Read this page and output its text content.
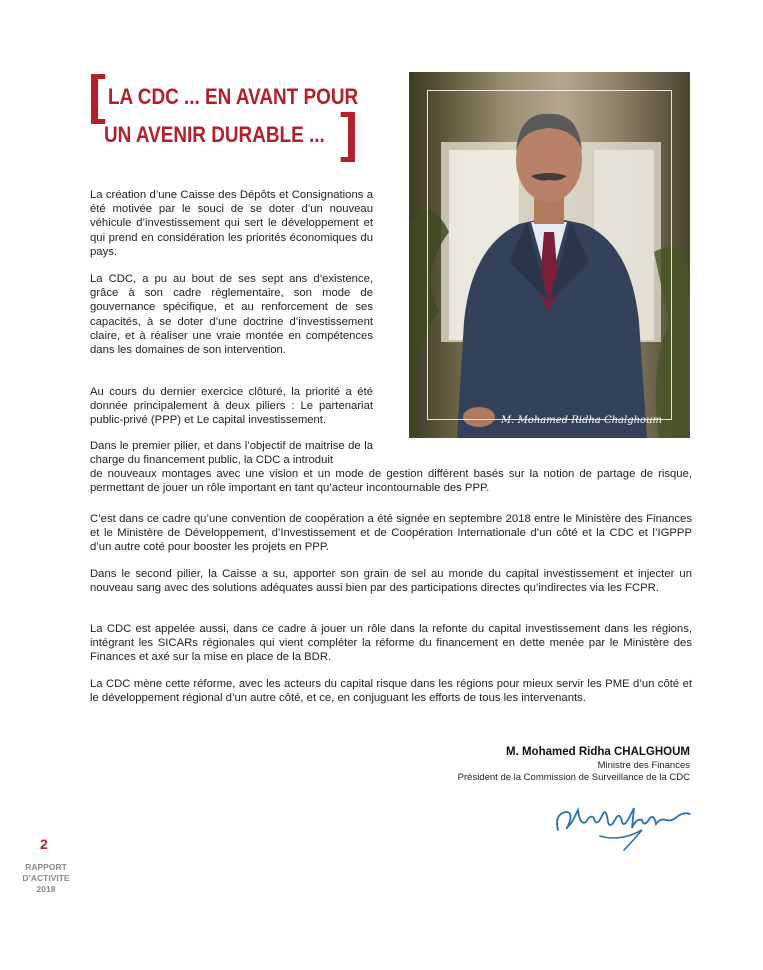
[ LA CDC ... EN AVANT POUR
UN AVENIR DURABLE ... ]
M. Mohamed Ridha Chalghoum

La création d’une Caisse des Dépôts et Consignations a été motivée par le souci de se doter d’un nouveau véhicule d’investissement qui sert le développement et qui prend en considération les priorités économiques du pays.

La CDC, a pu au bout de ses sept ans d’existence, grâce à son cadre règlementaire, son mode de gouvernance spécifique, et au renforcement de ses capacités, à se doter d’une doctrine d’investissement claire, et à réaliser une vraie montée en compétences dans les domaines de son intervention.

Au cours du dernier exercice clôturé, la priorité a été donnée principalement à deux piliers : Le partenariat public-privé (PPP) et Le capital investissement.

Dans le premier pilier, et dans l’objectif de maitrise de la charge du financement public, la CDC a introduit

de nouveaux montages avec une vision et un mode de gestion différent basés sur la notion de partage de risque, permettant de jouer un rôle important en tant qu’acteur incontournable des PPP.

C’est dans ce cadre qu’une convention de coopération a été signée en septembre 2018 entre le Ministère des Finances et le Ministère de Développement, d’Investissement et de Coopération Internationale d’un côté et la CDC et l’IGPPP d’un autre coté pour booster les projets en PPP.

Dans le second pilier, la Caisse a su, apporter son grain de sel au monde du capital investissement et injecter un nouveau sang avec des solutions adéquates aussi bien par des participations directes qu’indirectes via les FCPR.

La CDC est appelée aussi, dans ce cadre à jouer un rôle dans la refonte du capital investissement dans les régions, intégrant les SICARs régionales qui vient compléter la réforme du financement en dette menée par le Ministère des Finances et axé sur la mise en place de la BDR.

La CDC mène cette réforme, avec les acteurs du capital risque dans les régions pour mieux servir les PME d’un côté et le développement régional d’un autre côté, et ce, en conjuguant les efforts de tous les intervenants.

M. Mohamed Ridha CHALGHOUM
Ministre des Finances
Président de la Commission de Surveillance de la CDC
2
RAPPORT
D’ACTIVITE
2018
